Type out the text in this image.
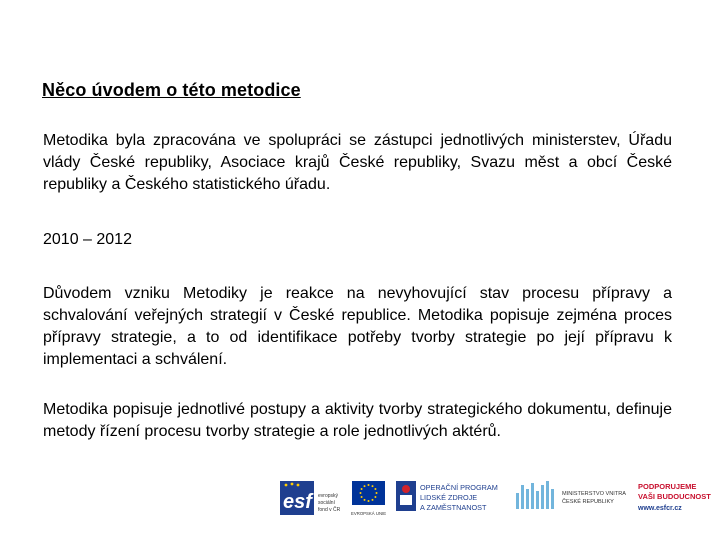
Něco úvodem o této metodice

Metodika byla zpracována ve spolupráci se zástupci jednotlivých ministerstev, Úřadu vlády České republiky, Asociace krajů České republiky, Svazu měst a obcí České republiky a Českého statistického úřadu.

2010 – 2012

Důvodem vzniku Metodiky je reakce na nevyhovující stav procesu přípravy a schvalování veřejných strategií v České republice. Metodika popisuje zejména proces přípravy strategie, a to od identifikace potřeby tvorby strategie po její přípravu k implementaci a schválení.

Metodika popisuje jednotlivé postupy a aktivity tvorby strategického dokumentu, definuje metody řízení procesu tvorby strategie a role jednotlivých aktérů.

esf	evropský
sociální
fond v ČR
EVROPSKÁ UNIE
OPERAČNÍ PROGRAM
LIDSKÉ ZDROJE
A ZAMĚSTNANOST
MINISTERSTVO VNITRA
ČESKÉ REPUBLIKY
PODPORUJEME
VAŠI BUDOUCNOST
www.esfcr.cz
